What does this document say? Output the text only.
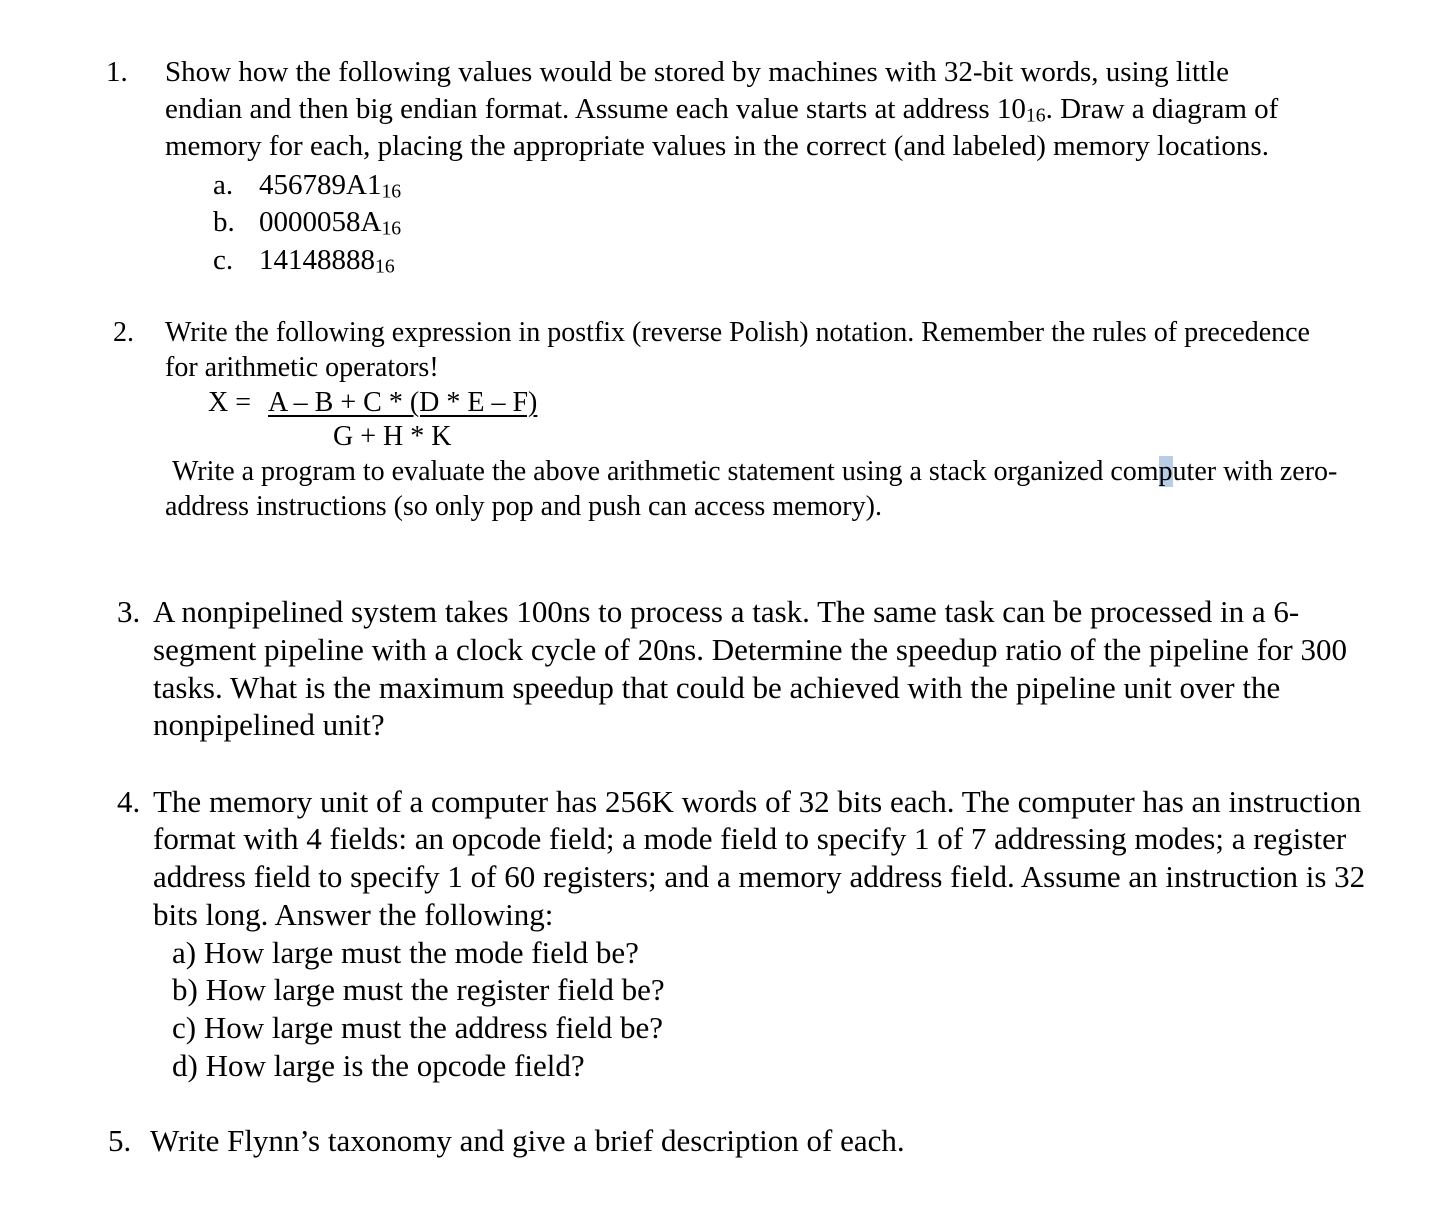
1. Show how the following values would be stored by machines with 32-bit words, using little
endian and then big endian format. Assume each value starts at address $10_{16}$. Draw a diagram of
memory for each, placing the appropriate values in the correct (and labeled) memory locations.
a. $456789A1_{16}$
b. $0000058A_{16}$
c. $14148888_{16}$
2. Write the following expression in postfix (reverse Polish) notation. Remember the rules of precedence
for arithmetic operators!
X = A – B + C * (D * E – F)
G + H * K
Write a program to evaluate the above arithmetic statement using a stack organized computer with zero-
address instructions (so only pop and push can access memory).
3. A nonpipelined system takes 100ns to process a task. The same task can be processed in a 6-
segment pipeline with a clock cycle of 20ns. Determine the speedup ratio of the pipeline for 300
tasks. What is the maximum speedup that could be achieved with the pipeline unit over the
nonpipelined unit?
4. The memory unit of a computer has 256K words of 32 bits each. The computer has an instruction
format with 4 fields: an opcode field; a mode field to specify 1 of 7 addressing modes; a register
address field to specify 1 of 60 registers; and a memory address field. Assume an instruction is 32
bits long. Answer the following:
a) How large must the mode field be?
b) How large must the register field be?
c) How large must the address field be?
d) How large is the opcode field?
5. Write Flynn’s taxonomy and give a brief description of each.
